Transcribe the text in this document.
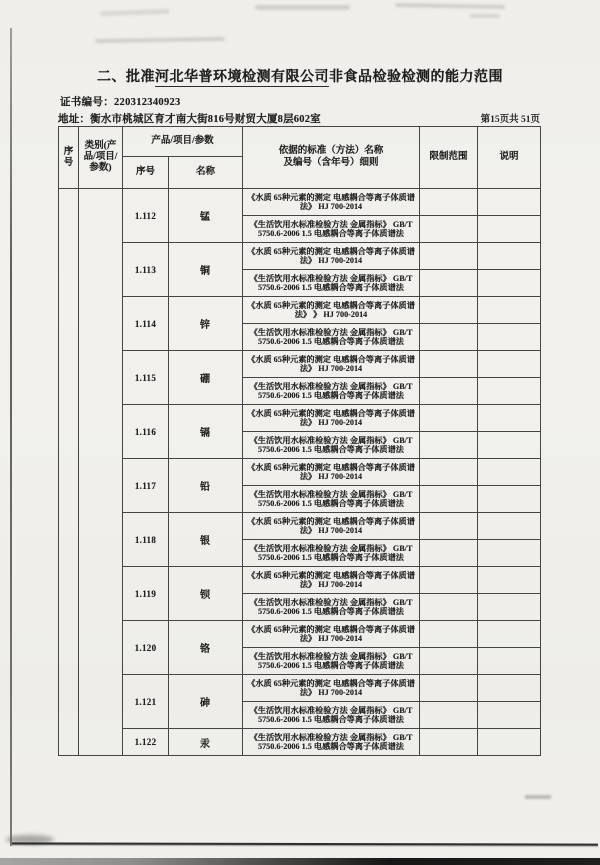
二、批准河北华普环境检测有限公司非食品检验检测的能力范围
证书编号：220312340923
地址：衡水市桃城区育才南大街816号财贸大厦8层602室	第15页共 51页
序号	类别(产品/项目/参数)	产品/项目/参数		依据的标准（方法）名称
及编号（含年号）细则	限制范围	说明
		序号	名称			
		1.112	锰	《水质 65种元素的测定 电感耦合等离子体质谱法》 HJ 700-2014		
				《生活饮用水标准检验方法 金属指标》 GB/T 5750.6-2006 1.5 电感耦合等离子体质谱法		
		1.113	铜	《水质 65种元素的测定 电感耦合等离子体质谱法》 HJ 700-2014		
				《生活饮用水标准检验方法 金属指标》 GB/T 5750.6-2006 1.5 电感耦合等离子体质谱法		
		1.114	锌	《水质 65种元素的测定 电感耦合等离子体质谱法》 》 HJ 700-2014		
				《生活饮用水标准检验方法 金属指标》 GB/T 5750.6-2006 1.5 电感耦合等离子体质谱法		
		1.115	硼	《水质 65种元素的测定 电感耦合等离子体质谱法》 HJ 700-2014		
				《生活饮用水标准检验方法 金属指标》 GB/T 5750.6-2006 1.5 电感耦合等离子体质谱法		
		1.116	镉	《水质 65种元素的测定 电感耦合等离子体质谱法》 HJ 700-2014		
				《生活饮用水标准检验方法 金属指标》 GB/T 5750.6-2006 1.5 电感耦合等离子体质谱法		
		1.117	铅	《水质 65种元素的测定 电感耦合等离子体质谱法》 HJ 700-2014		
				《生活饮用水标准检验方法 金属指标》 GB/T 5750.6-2006 1.5 电感耦合等离子体质谱法		
		1.118	银	《水质 65种元素的测定 电感耦合等离子体质谱法》 HJ 700-2014		
				《生活饮用水标准检验方法 金属指标》 GB/T 5750.6-2006 1.5 电感耦合等离子体质谱法		
		1.119	钡	《水质 65种元素的测定 电感耦合等离子体质谱法》 HJ 700-2014		
				《生活饮用水标准检验方法 金属指标》 GB/T 5750.6-2006 1.5 电感耦合等离子体质谱法		
		1.120	铬	《水质 65种元素的测定 电感耦合等离子体质谱法》 HJ 700-2014		
				《生活饮用水标准检验方法 金属指标》 GB/T 5750.6-2006 1.5 电感耦合等离子体质谱法		
		1.121	砷	《水质 65种元素的测定 电感耦合等离子体质谱法》 HJ 700-2014		
				《生活饮用水标准检验方法 金属指标》 GB/T 5750.6-2006 1.5 电感耦合等离子体质谱法		
		1.122	汞	《生活饮用水标准检验方法 金属指标》 GB/T 5750.6-2006 1.5 电感耦合等离子体质谱法		
